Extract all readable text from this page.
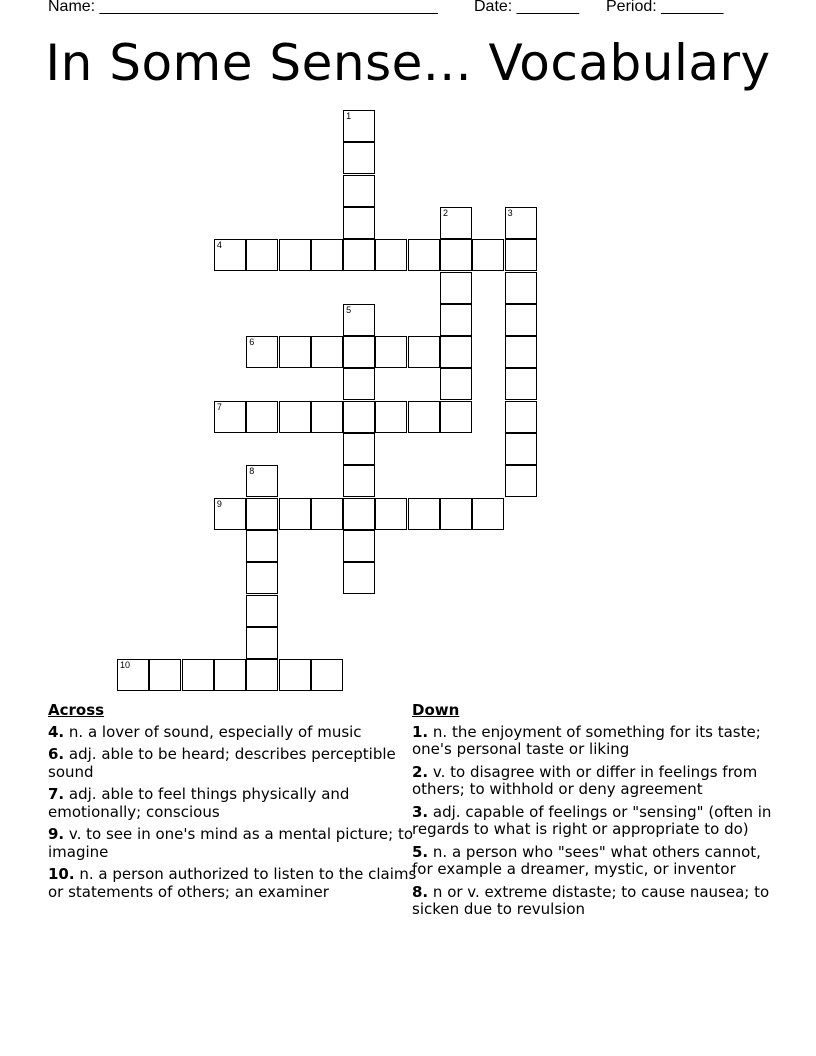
Name: ______________________________________ Date: _______ Period: _______
In Some Sense... Vocabulary
1
2	3
4
5
6
7
8
9
10
Across
4. n. a lover of sound, especially of music
6. adj. able to be heard; describes perceptible sound
7. adj. able to feel things physically and emotionally; conscious
9. v. to see in one's mind as a mental picture; to imagine
10. n. a person authorized to listen to the claims or statements of others; an examiner
Down
1. n. the enjoyment of something for its taste; one's personal taste or liking
2. v. to disagree with or differ in feelings from others; to withhold or deny agreement
3. adj. capable of feelings or "sensing" (often in regards to what is right or appropriate to do)
5. n. a person who "sees" what others cannot, for example a dreamer, mystic, or inventor
8. n or v. extreme distaste; to cause nausea; to sicken due to revulsion
